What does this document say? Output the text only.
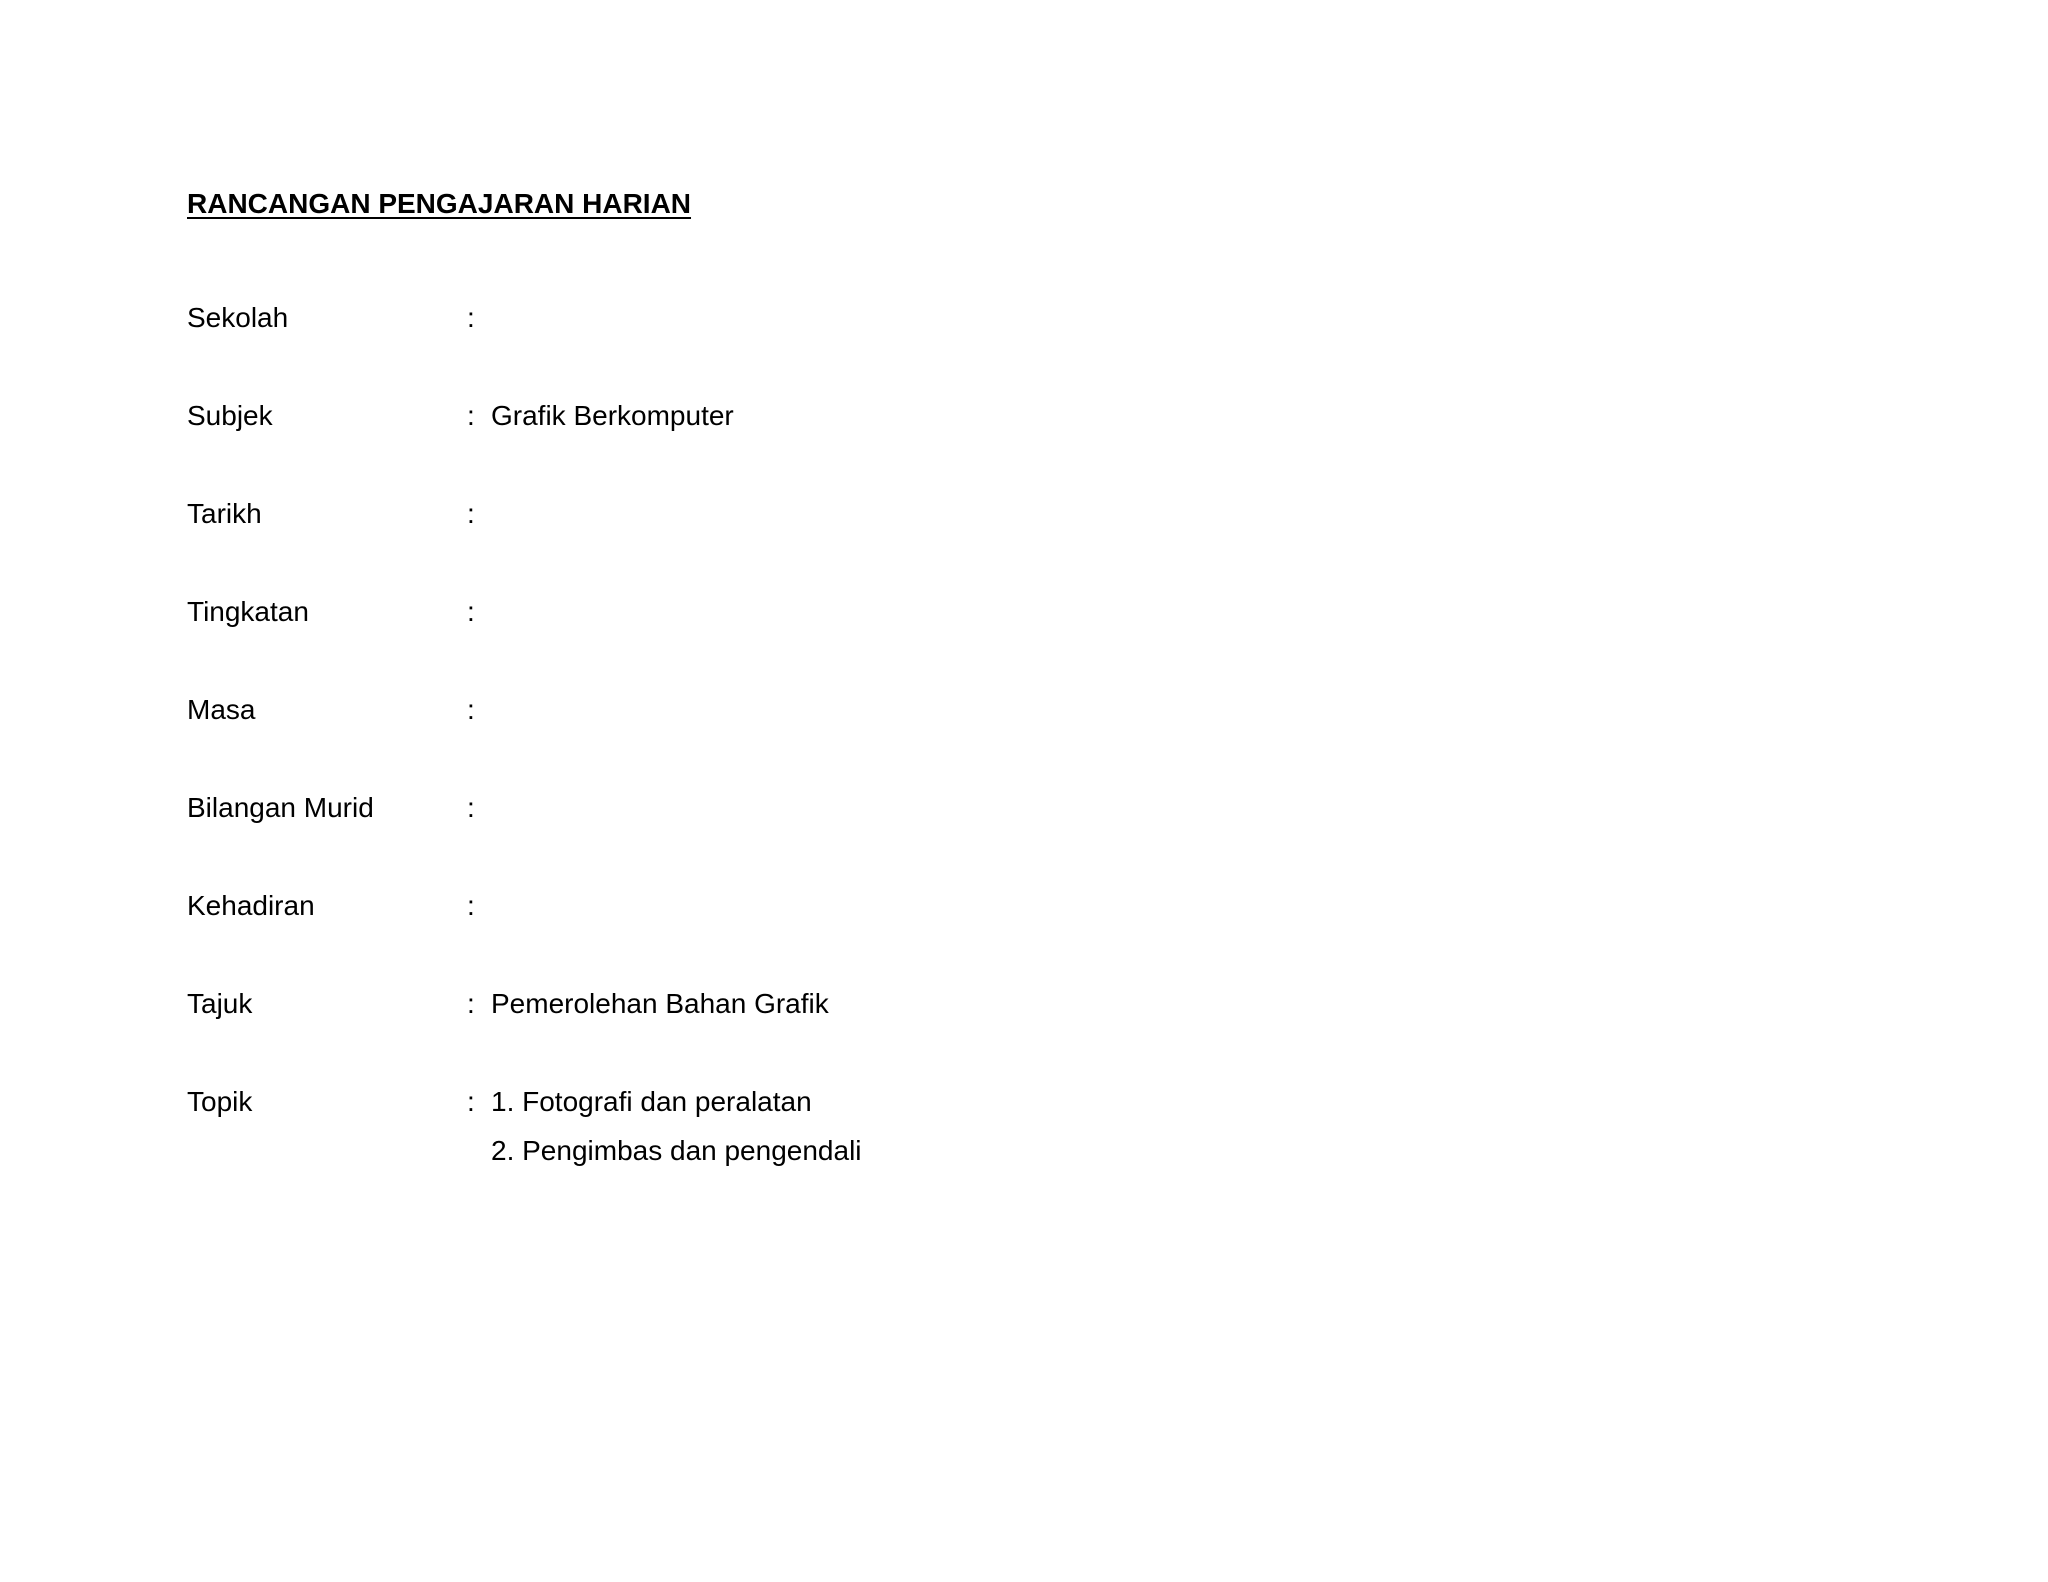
RANCANGAN PENGAJARAN HARIAN
Sekolah	:
Subjek	: Grafik Berkomputer
Tarikh	:
Tingkatan	:
Masa	:
Bilangan Murid	:
Kehadiran	:
Tajuk	: Pemerolehan Bahan Grafik
Topik	: 1. Fotografi dan peralatan
2. Pengimbas dan pengendali
